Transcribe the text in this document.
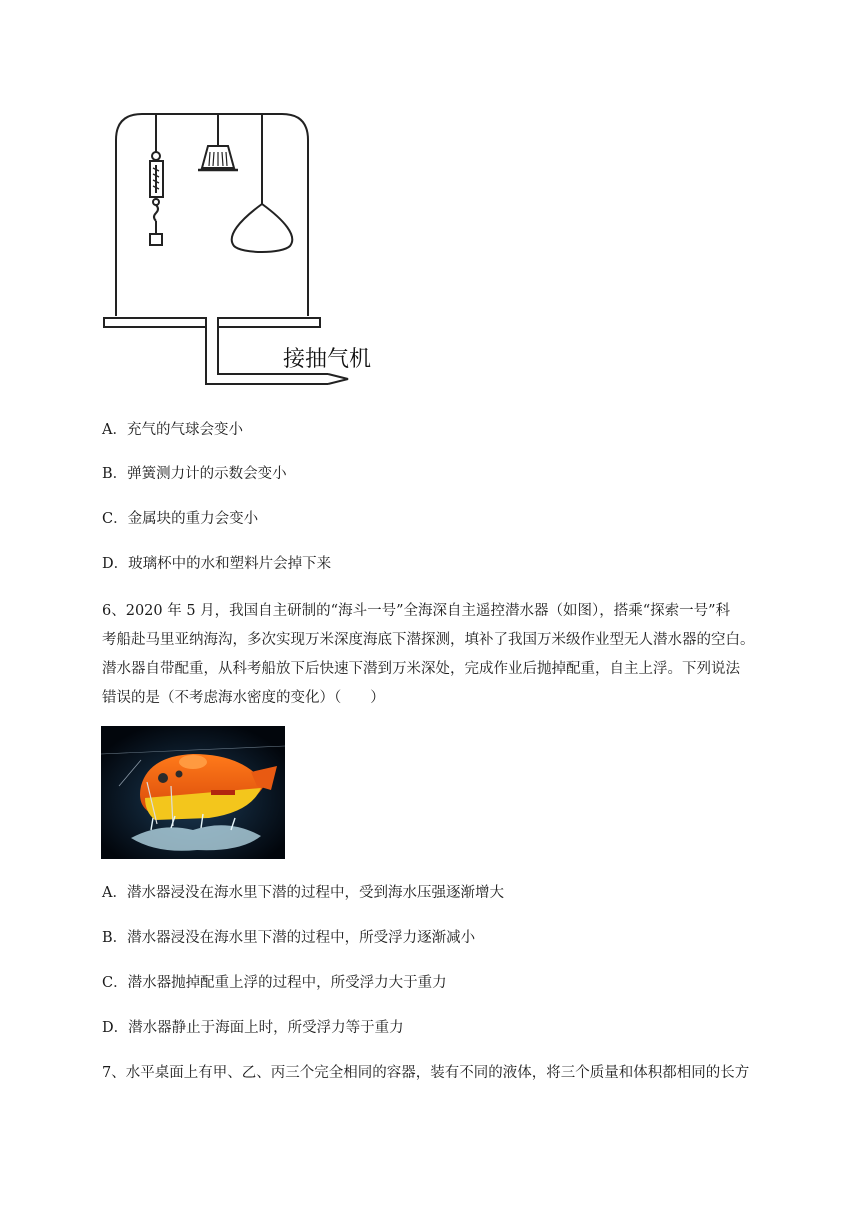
接抽气机
A．充气的气球会变小
B．弹簧测力计的示数会变小
C．金属块的重力会变小
D．玻璃杯中的水和塑料片会掉下来

6、2020 年 5 月，我国自主研制的“海斗一号”全海深自主遥控潜水器（如图），搭乘“探索一号”科

考船赴马里亚纳海沟，多次实现万米深度海底下潜探测，填补了我国万米级作业型无人潜水器的空白。

潜水器自带配重，从科考船放下后快速下潜到万米深处，完成作业后抛掉配重，自主上浮。下列说法

错误的是（不考虑海水密度的变化）（　　）

A．潜水器浸没在海水里下潜的过程中，受到海水压强逐渐增大
B．潜水器浸没在海水里下潜的过程中，所受浮力逐渐减小
C．潜水器抛掉配重上浮的过程中，所受浮力大于重力
D．潜水器静止于海面上时，所受浮力等于重力
7、水平桌面上有甲、乙、丙三个完全相同的容器，装有不同的液体，将三个质量和体积都相同的长方
